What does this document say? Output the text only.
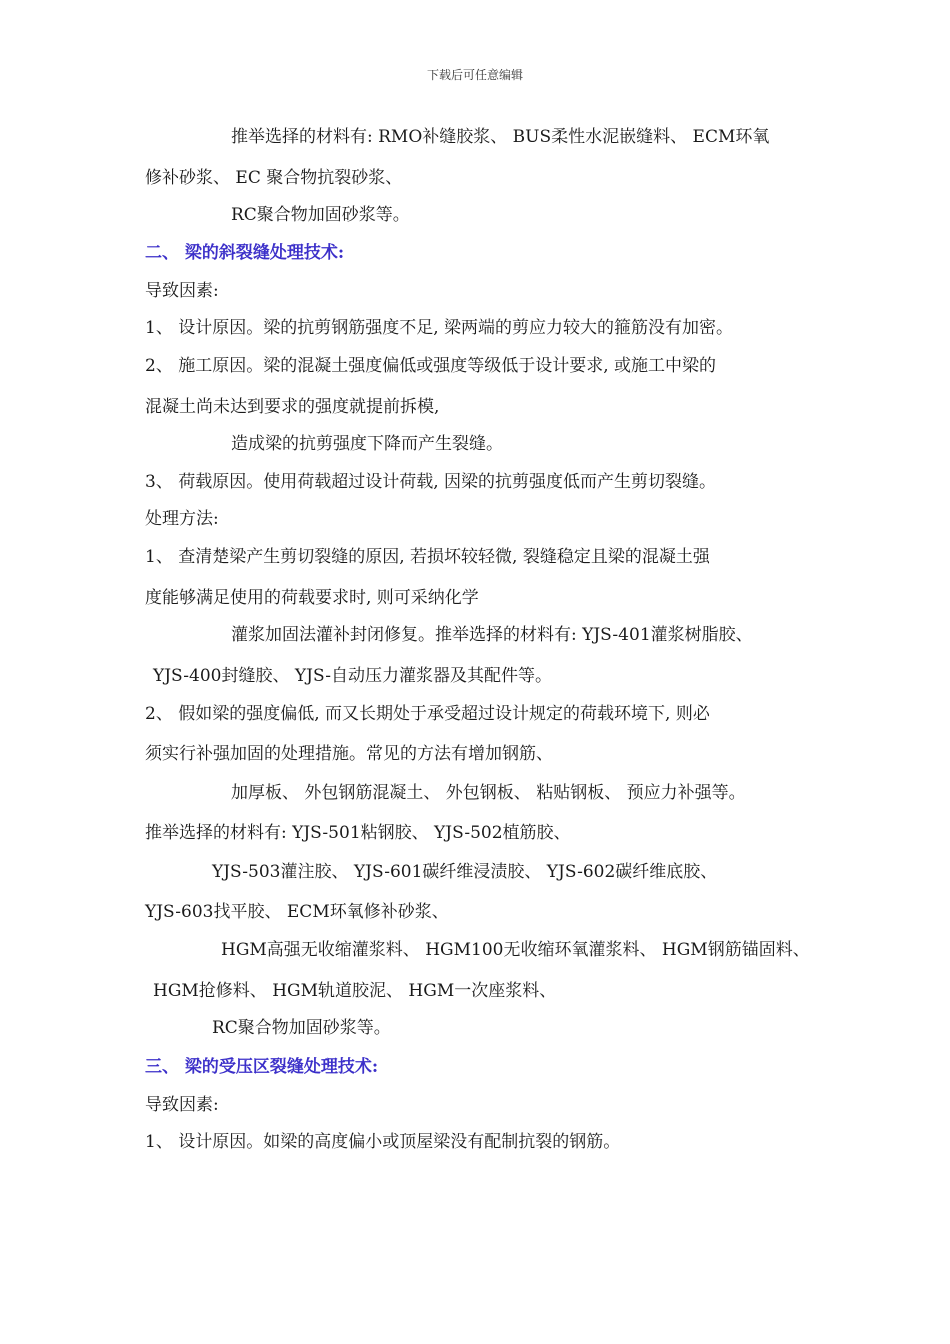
下载后可任意编辑
推举选择的材料有: RMO补缝胶浆、 BUS柔性水泥嵌缝料、 ECM环氧
修补砂浆、 EC 聚合物抗裂砂浆、
RC聚合物加固砂浆等。
二、 梁的斜裂缝处理技术:
导致因素:
1、 设计原因。梁的抗剪钢筋强度不足, 梁两端的剪应力较大的箍筋没有加密。
2、 施工原因。梁的混凝土强度偏低或强度等级低于设计要求, 或施工中梁的
混凝土尚未达到要求的强度就提前拆模,
造成梁的抗剪强度下降而产生裂缝。
3、 荷载原因。使用荷载超过设计荷载, 因梁的抗剪强度低而产生剪切裂缝。
处理方法:
1、 查清楚梁产生剪切裂缝的原因, 若损坏较轻微, 裂缝稳定且梁的混凝土强
度能够满足使用的荷载要求时, 则可采纳化学
灌浆加固法灌补封闭修复。推举选择的材料有: YJS-401灌浆树脂胶、
YJS-400封缝胶、 YJS-自动压力灌浆器及其配件等。
2、 假如梁的强度偏低, 而又长期处于承受超过设计规定的荷载环境下, 则必
须实行补强加固的处理措施。常见的方法有增加钢筋、
加厚板、 外包钢筋混凝土、 外包钢板、 粘贴钢板、 预应力补强等。
推举选择的材料有: YJS-501粘钢胶、 YJS-502植筋胶、
YJS-503灌注胶、 YJS-601碳纤维浸渍胶、 YJS-602碳纤维底胶、
YJS-603找平胶、 ECM环氧修补砂浆、
HGM高强无收缩灌浆料、 HGM100无收缩环氧灌浆料、 HGM钢筋锚固料、
HGM抢修料、 HGM轨道胶泥、 HGM一次座浆料、
RC聚合物加固砂浆等。
三、 梁的受压区裂缝处理技术:
导致因素:
1、 设计原因。如梁的高度偏小或顶屋梁没有配制抗裂的钢筋。
